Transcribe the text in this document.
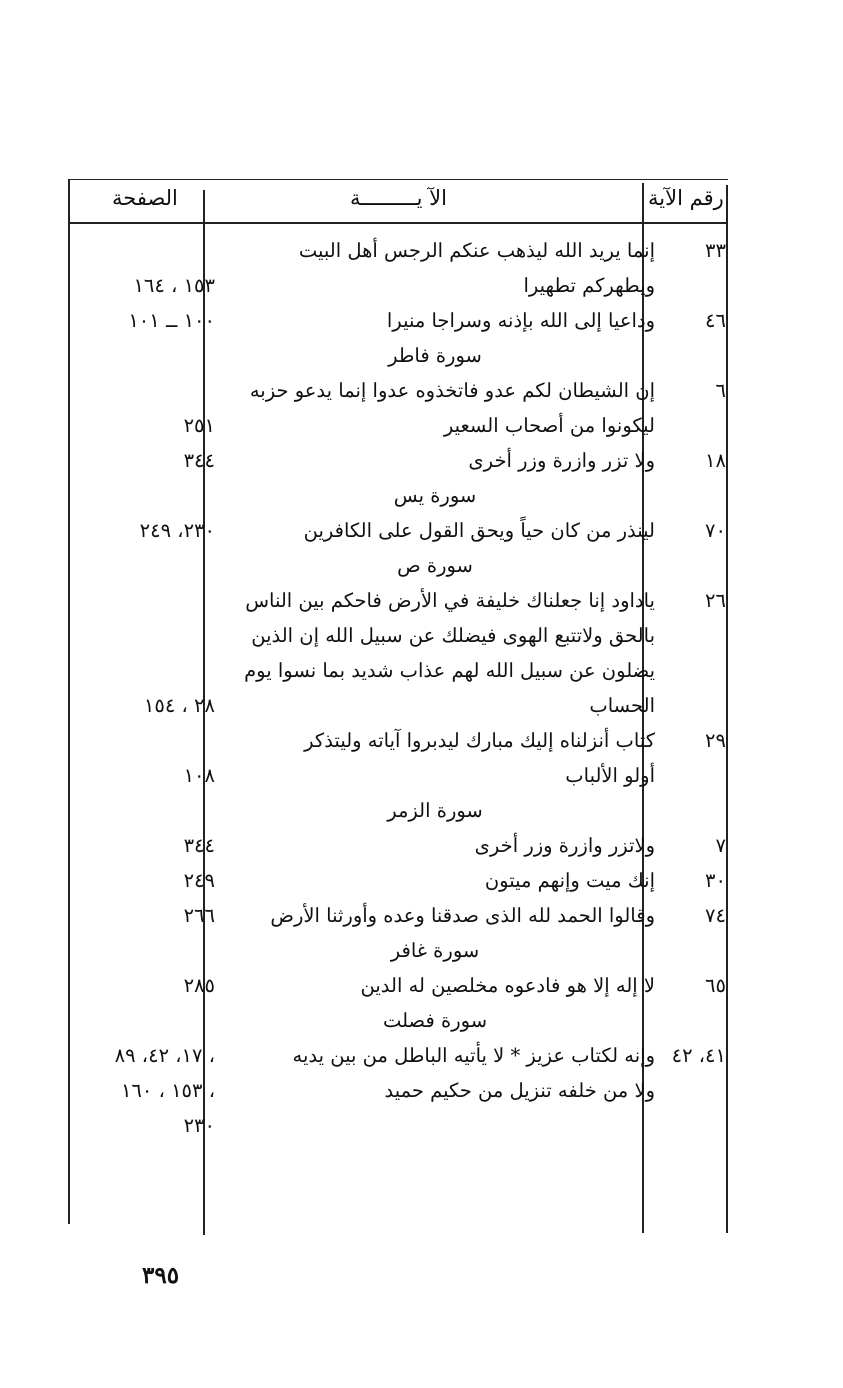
الصفحة	الآ يـــــــــة	رقم الآية
	إنما يريد الله ليذهب عنكم الرجس أهل البيت	٣٣
١٥٣ ، ١٦٤	ويطهركم تطهيرا	
١٠٠ ــ ١٠١	وداعيا إلى الله بإذنه وسراجا منيرا	٤٦
	سورة فاطر	
	إن الشيطان لكم عدو فاتخذوه عدوا إنما يدعو حزبه	٦
٢٥١	ليكونوا من أصحاب السعير	
٣٤٤	ولا تزر وازرة وزر أخرى	١٨
	سورة يس	
٢٣٠، ٢٤٩	لينذر من كان حياً ويحق القول على الكافرين	٧٠
	سورة ص	
	ياداود إنا جعلناك خليفة في الأرض فاحكم بين الناس	٢٦
	بالحق ولاتتبع الهوى فيضلك عن سبيل الله إن الذين	
	يضلون عن سبيل الله لهم عذاب شديد بما نسوا يوم	
٢٨ ، ١٥٤	الحساب	
	كتاب أنزلناه إليك مبارك ليدبروا آياته وليتذكر	٢٩
١٠٨	أولو الألباب	
	سورة الزمر	
٣٤٤	ولاتزر وازرة وزر أخرى	٧
٢٤٩	إنك ميت وإنهم ميتون	٣٠
٢٦٦	وقالوا الحمد لله الذى صدقنا وعده وأورثنا الأرض	٧٤
	سورة غافر	
٢٨٥	لا إله إلا هو فادعوه مخلصين له الدين	٦٥
	سورة فصلت	
١٧، ٤٢، ٨٩ ،	وإنه لكتاب عزيز * لا يأتيه الباطل من بين يديه	٤١، ٤٢
١٥٣ ، ١٦٠ ،	ولا من خلفه تنزيل من حكيم حميد	
٢٣٠		
٣٩٥
